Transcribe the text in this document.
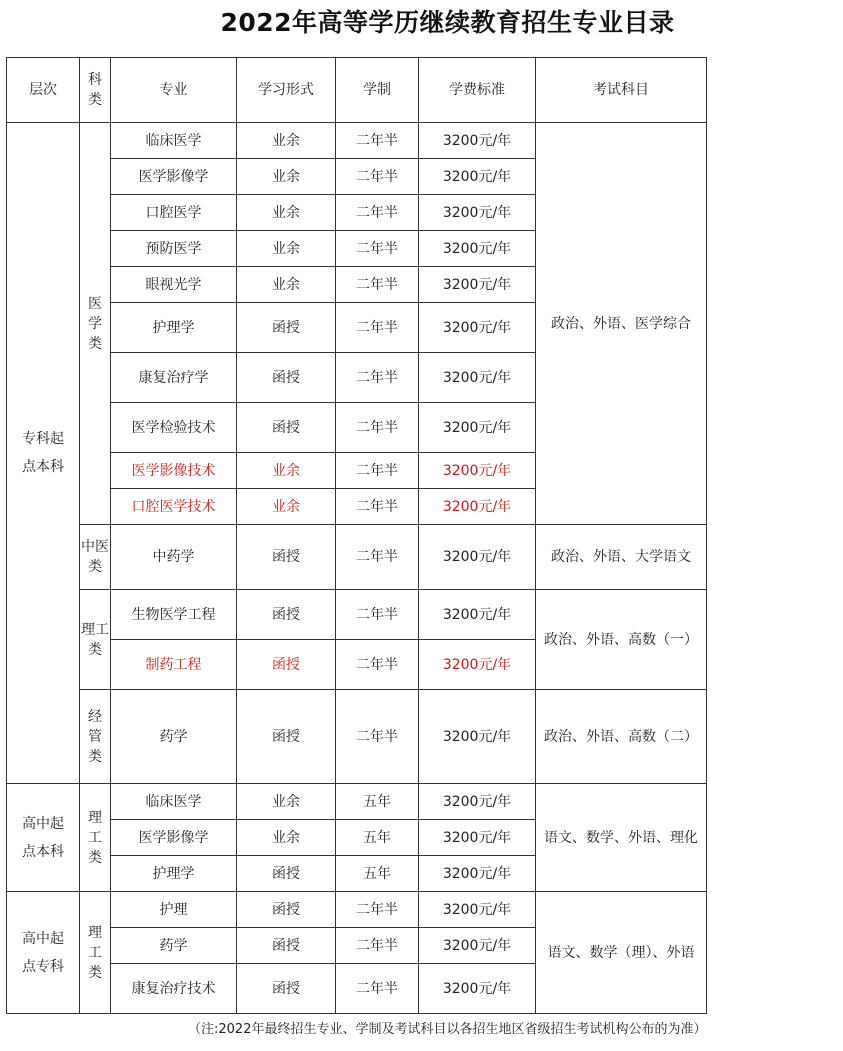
2022年高等学历继续教育招生专业目录
层次	科类	专业	学习形式	学制	学费标准	考试科目
专科起点本科	医学类	临床医学	业余	二年半	3200元/年	政治、外语、医学综合
		医学影像学	业余	二年半	3200元/年	
		口腔医学	业余	二年半	3200元/年	
		预防医学	业余	二年半	3200元/年	
		眼视光学	业余	二年半	3200元/年	
		护理学	函授	二年半	3200元/年	
		康复治疗学	函授	二年半	3200元/年	
		医学检验技术	函授	二年半	3200元/年	
		医学影像技术	业余	二年半	3200元/年	
		口腔医学技术	业余	二年半	3200元/年	
	中医类	中药学	函授	二年半	3200元/年	政治、外语、大学语文
	理工类	生物医学工程	函授	二年半	3200元/年	政治、外语、高数（一）
		制药工程	函授	二年半	3200元/年	
	经管类	药学	函授	二年半	3200元/年	政治、外语、高数（二）
高中起点本科	理工类	临床医学	业余	五年	3200元/年	语文、数学、外语、理化
		医学影像学	业余	五年	3200元/年	
		护理学	函授	五年	3200元/年	
高中起点专科	理工类	护理	函授	二年半	3200元/年	语文、数学（理）、外语
		药学	函授	二年半	3200元/年	
		康复治疗技术	函授	二年半	3200元/年	
（注:2022年最终招生专业、学制及考试科目以各招生地区省级招生考试机构公布的为准）
